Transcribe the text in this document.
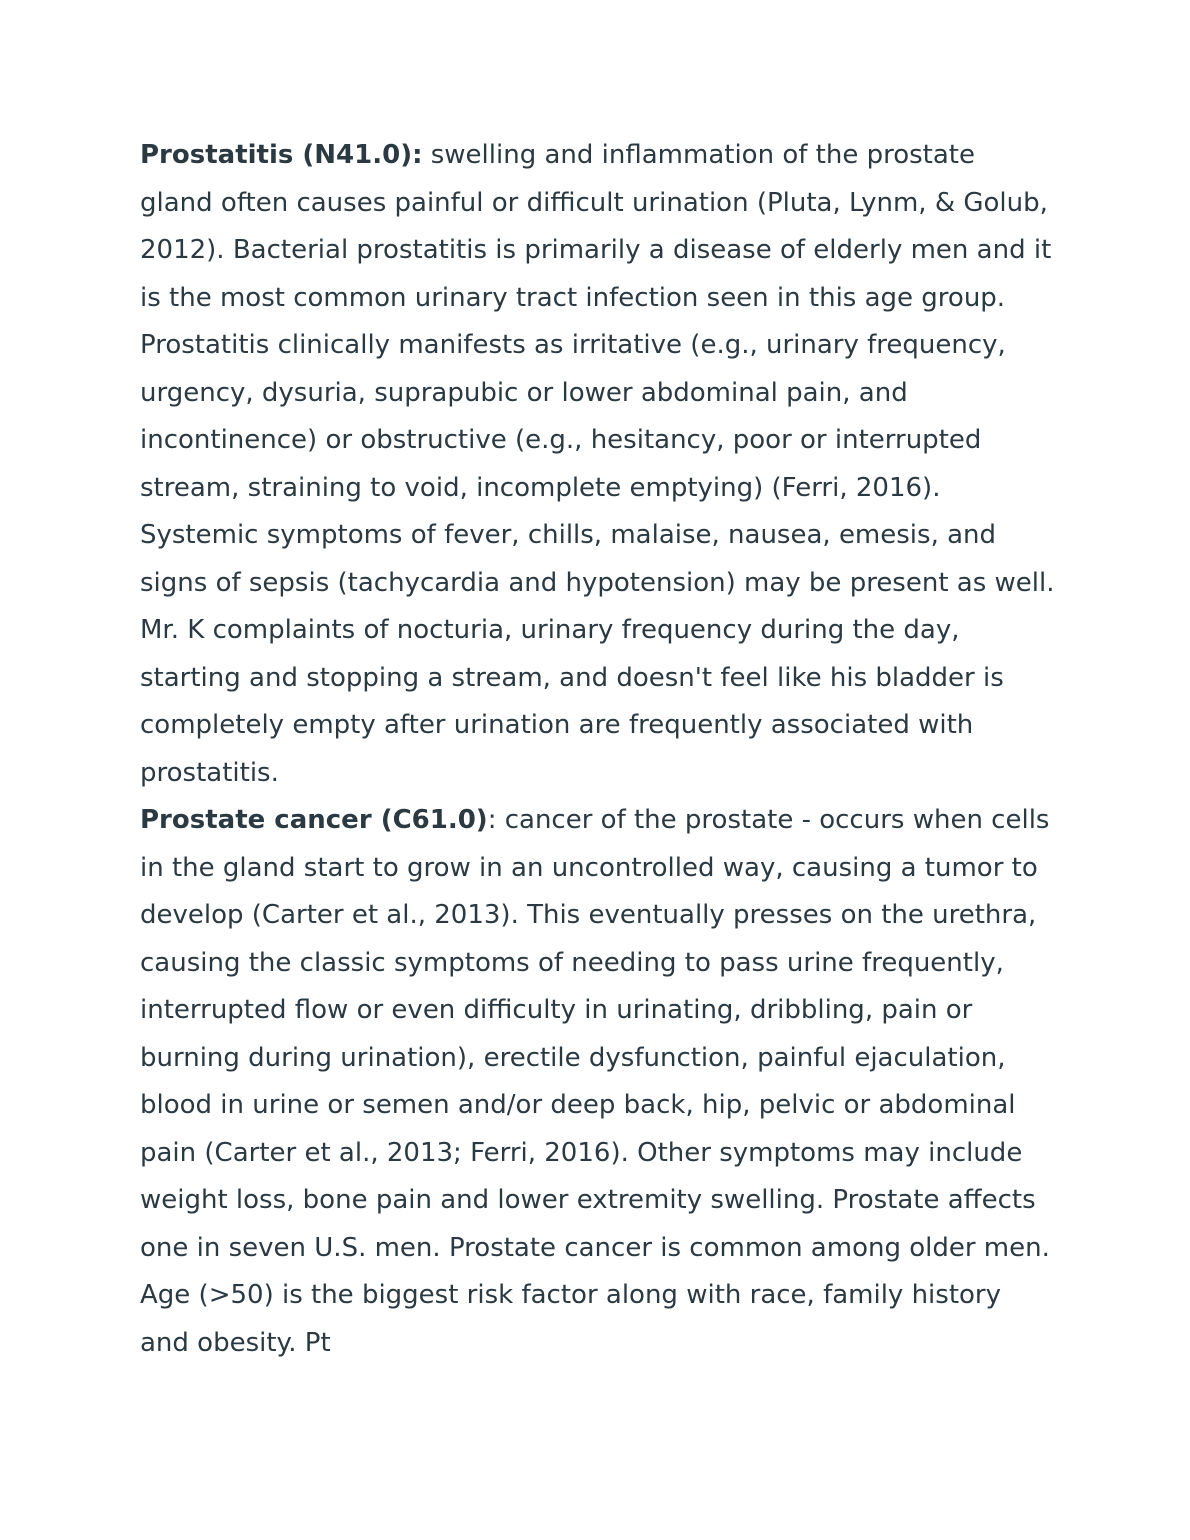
Prostatitis (N41.0): swelling and inflammation of the prostate gland often causes painful or difficult urination (Pluta, Lynm, & Golub, 2012). Bacterial prostatitis is primarily a disease of elderly men and it is the most common urinary tract infection seen in this age group. Prostatitis clinically manifests as irritative (e.g., urinary frequency, urgency, dysuria, suprapubic or lower abdominal pain, and incontinence) or obstructive (e.g., hesitancy, poor or interrupted stream, straining to void, incomplete emptying) (Ferri, 2016). Systemic symptoms of fever, chills, malaise, nausea, emesis, and signs of sepsis (tachycardia and hypotension) may be present as well. Mr. K complaints of nocturia, urinary frequency during the day, starting and stopping a stream, and doesn't feel like his bladder is completely empty after urination are frequently associated with prostatitis.

Prostate cancer (C61.0): cancer of the prostate - occurs when cells in the gland start to grow in an uncontrolled way, causing a tumor to develop (Carter et al., 2013). This eventually presses on the urethra, causing the classic symptoms of needing to pass urine frequently, interrupted flow or even difficulty in urinating, dribbling, pain or burning during urination), erectile dysfunction, painful ejaculation, blood in urine or semen and/or deep back, hip, pelvic or abdominal pain (Carter et al., 2013; Ferri, 2016). Other symptoms may include weight loss, bone pain and lower extremity swelling. Prostate affects one in seven U.S. men. Prostate cancer is common among older men. Age (>50) is the biggest risk factor along with race, family history and obesity. Pt
